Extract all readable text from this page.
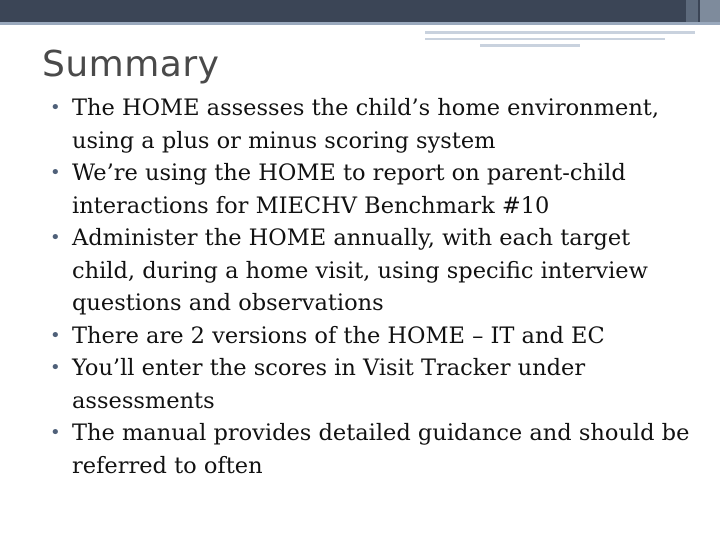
Summary
• The HOME assesses the child’s home environment, using a plus or minus scoring system
• We’re using the HOME to report on parent-child interactions for MIECHV Benchmark #10
• Administer the HOME annually, with each target child, during a home visit, using specific interview questions and observations
• There are 2 versions of the HOME – IT and EC
• You’ll enter the scores in Visit Tracker under assessments
• The manual provides detailed guidance and should be referred to often
